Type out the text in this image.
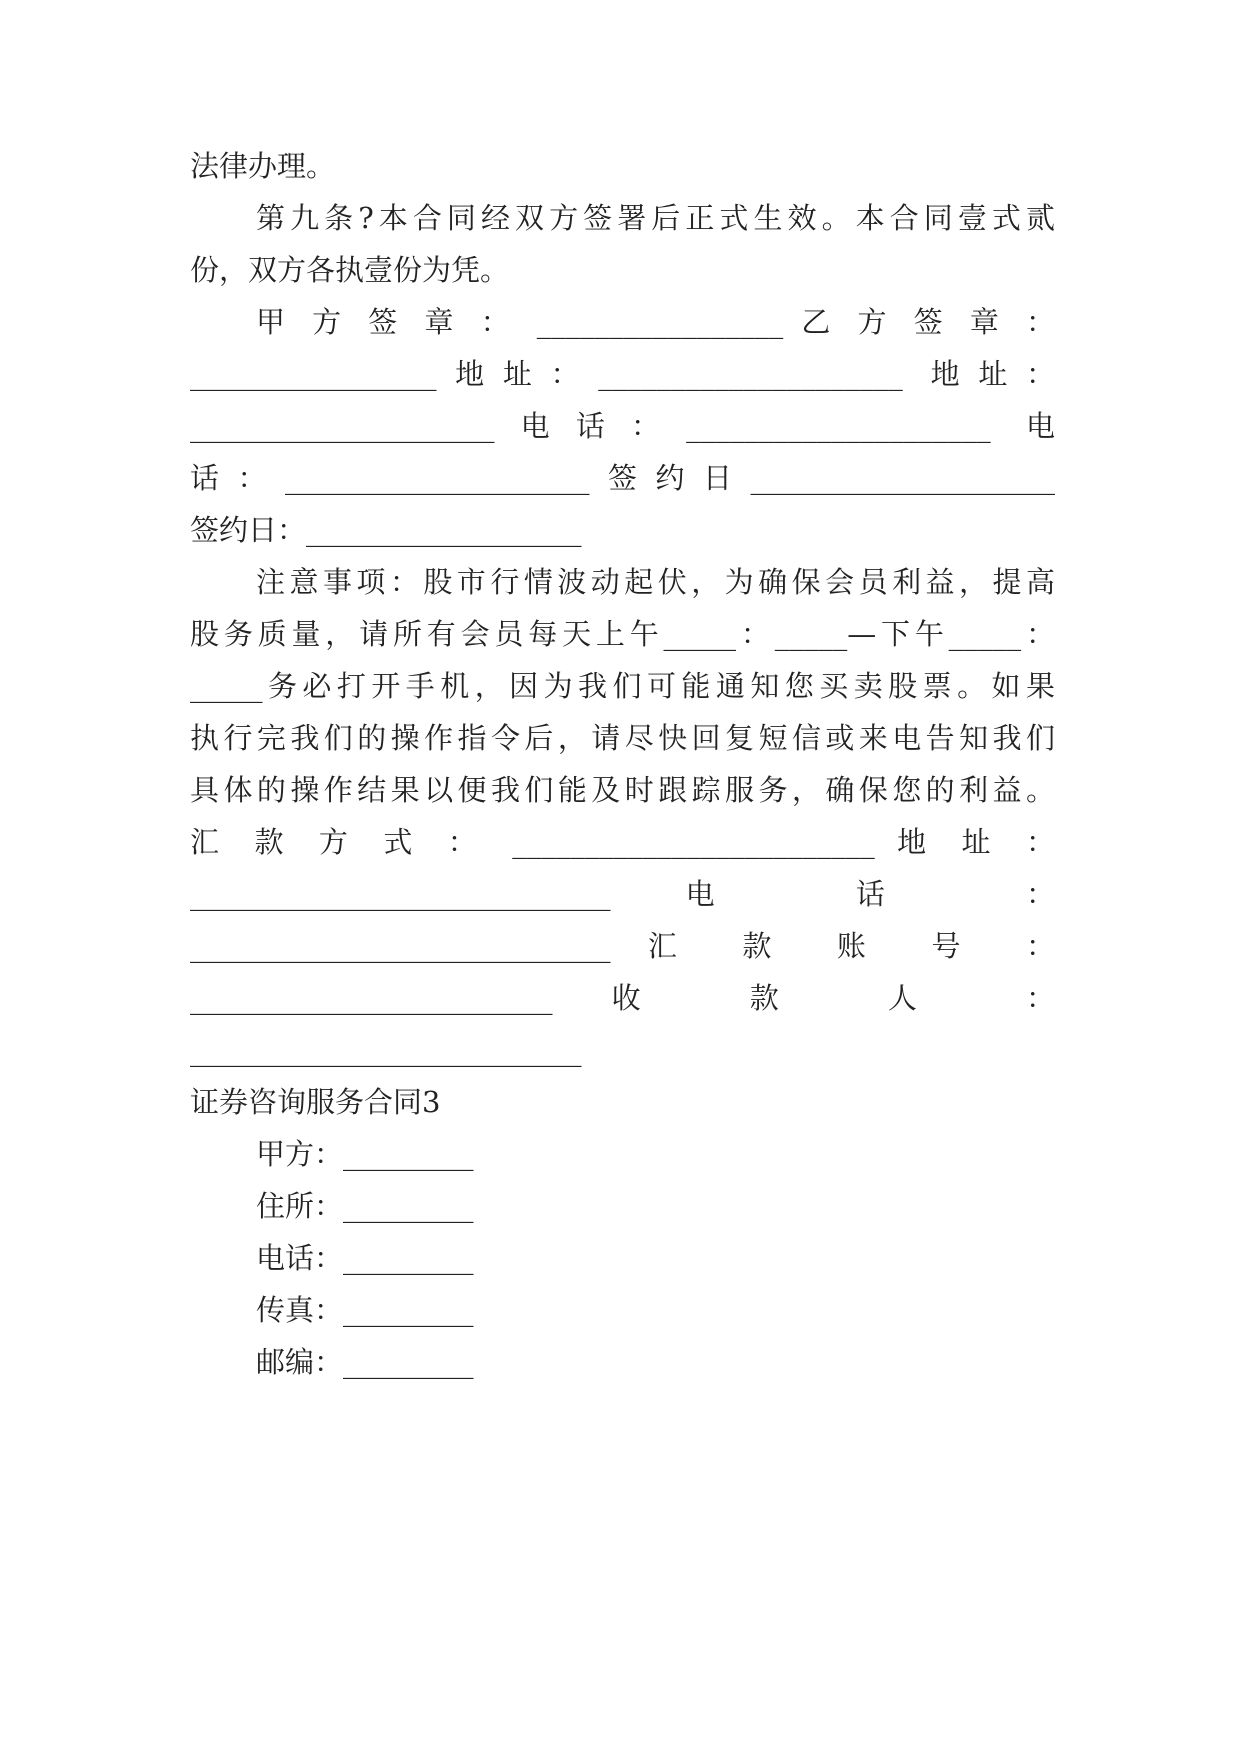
法律办理。
第九条?本合同经双方签署后正式生效。本合同壹式贰
份，双方各执壹份为凭。
甲 方 签 章 ： _________________ 乙 方 签 章 ：
_________________地址：_____________________ 地址：
_____________________电话：_____________________ 电
话：_____________________签约日_____________________
签约日：___________________
注意事项：股市行情波动起伏，为确保会员利益，提高
股务质量，请所有会员每天上午_____：_____—下午_____：
_____务必打开手机，因为我们可能通知您买卖股票。如果
执行完我们的操作指令后，请尽快回复短信或来电告知我们
具体的操作结果以便我们能及时跟踪服务，确保您的利益。
汇 款 方 式 ： _________________________ 地 址 ：
_____________________________ 电 话 ：
_____________________________ 汇 款 账 号 ：
_________________________ 收 款 人 ：
___________________________
证券咨询服务合同3
甲方：_________
住所：_________
电话：_________
传真：_________
邮编：_________
